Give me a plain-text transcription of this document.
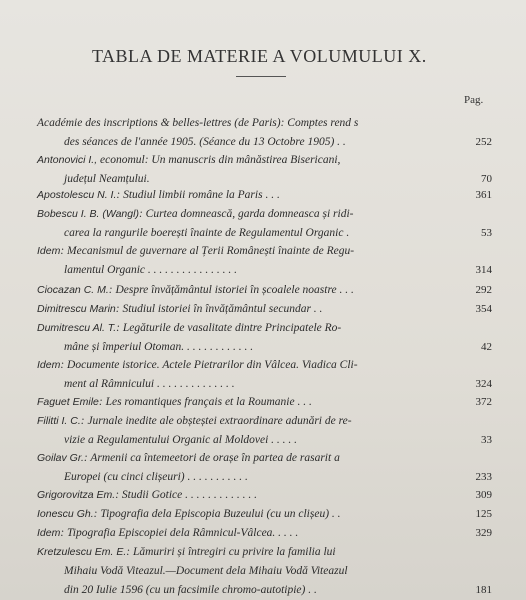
TABLA DE MATERIE A VOLUMULUI X.
Pag.
Académie des inscriptions & belles-lettres (de Paris): Comptes rend s
des séances de l'année 1905. (Séance du 13 Octobre 1905) . .	252
Antonovici I., economul: Un manuscris din mânăstirea Bisericani,
județul Neamțului.	70
Apostolescu N. I.: Studiul limbii române la Paris . . .	361
Bobescu I. B. (Wangl): Curtea domnească, garda domneasca și ridi-
carea la rangurile boerești înainte de Regulamentul Organic .	53
Idem: Mecanismul de guvernare al Țerii Românești înainte de Regu-
lamentul Organic . . . . . . . . . . . . . . . .	314
Ciocazan C. M.: Despre învățământul istoriei în școalele noastre . . .	292
Dimitrescu Marin: Studiul istoriei în învățământul secundar . .	354
Dumitrescu Al. T.: Legăturile de vasalitate dintre Principatele Ro-
mâne și împeriul Otoman. . . . . . . . . . . . .	42
Idem: Documente istorice. Actele Pietrarilor din Vâlcea. Viadica Cli-
ment al Râmnicului . . . . . . . . . . . . . .	324
Faguet Emile: Les romantiques français et la Roumanie . . .	372
Filitti I. C.: Jurnale inedite ale obșteștei extraordinare adunări de re-
vizie a Regulamentului Organic al Moldovei . . . . .	33
Goilav Gr.: Armenii ca întemeetori de orașe în partea de rasarit a
Europei (cu cinci clișeuri) . . . . . . . . . . .	233
Grigorovitza Em.: Studii Gotice . . . . . . . . . . . . .	309
Ionescu Gh.: Tipografia dela Episcopia Buzeului (cu un clișeu) . .	125
Idem: Tipografia Episcopiei dela Râmnicul-Vâlcea. . . . .	329
Kretzulescu Em. E.: Lămuriri și întregiri cu privire la familia lui
Mihaiu Vodă Viteazul.—Document dela Mihaiu Vodă Viteazul
din 20 Iulie 1596 (cu un facsimile chromo-autotipie) . .	181
